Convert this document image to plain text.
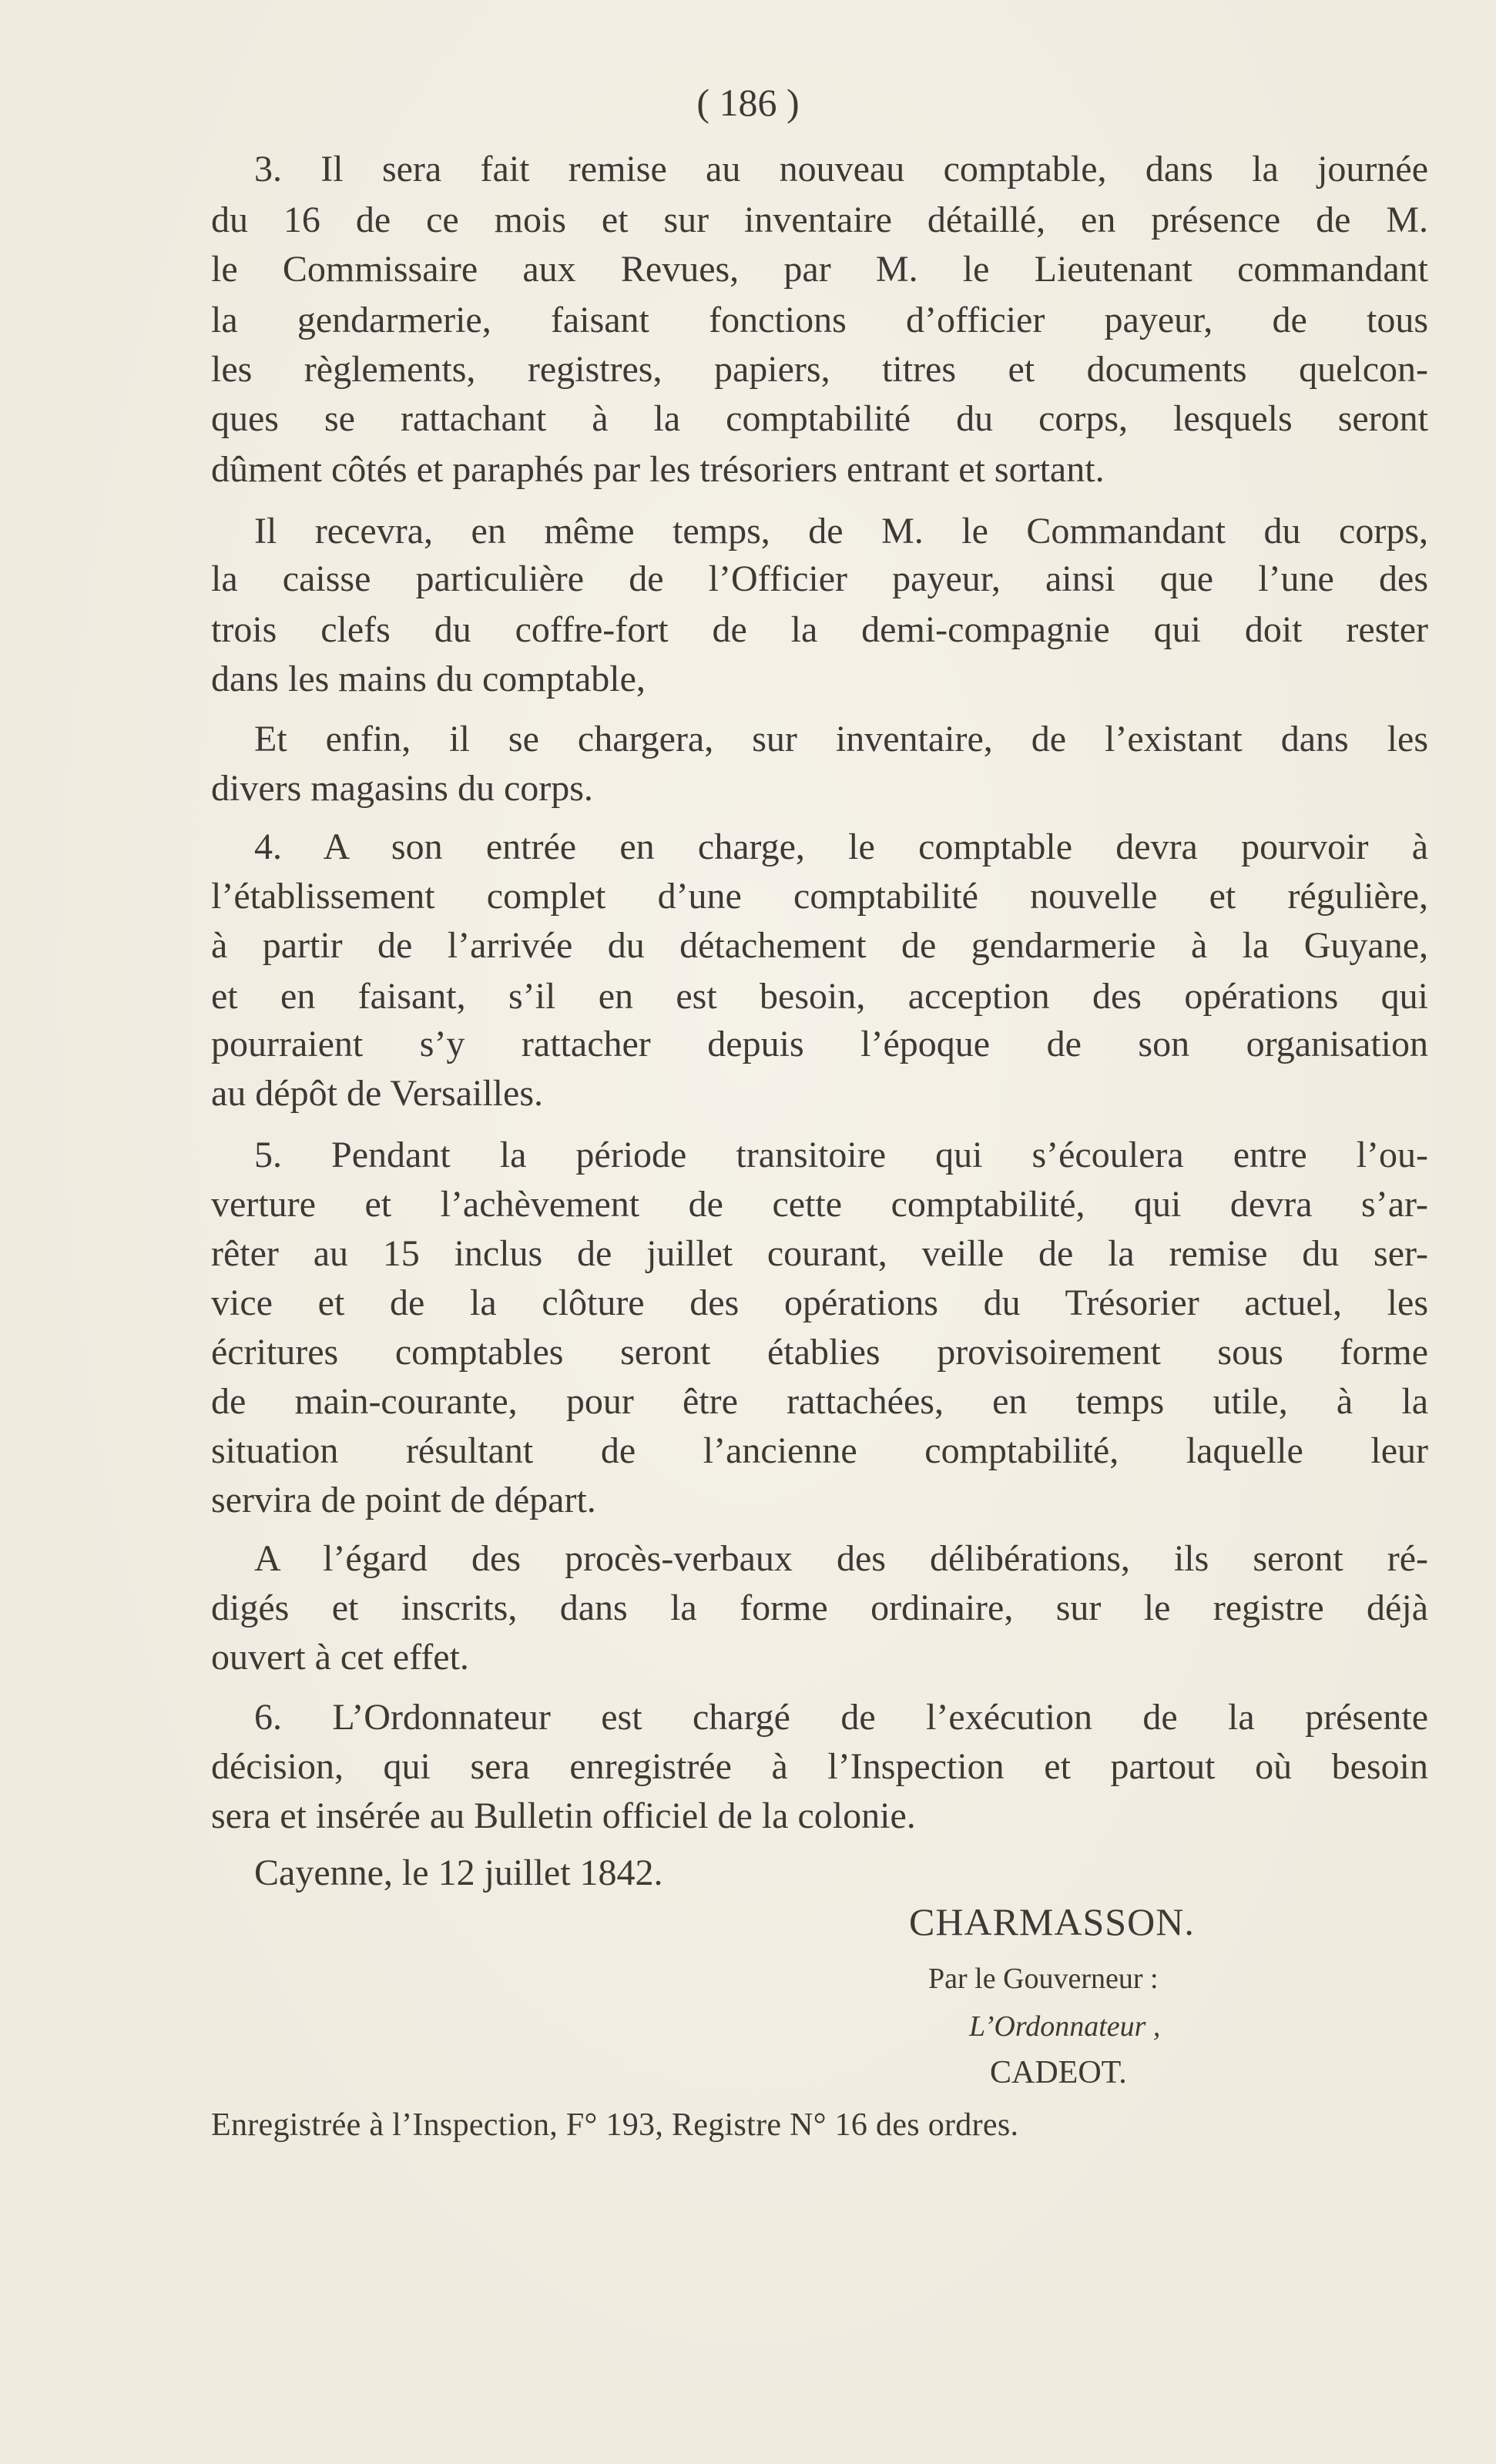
( 186 )
3. Il sera fait remise au nouveau comptable, dans la journée
du 16 de ce mois et sur inventaire détaillé, en présence de M.
le Commissaire aux Revues, par M. le Lieutenant commandant
la gendarmerie, faisant fonctions d’officier payeur, de tous
les règlements, registres, papiers, titres et documents quelcon-
ques se rattachant à la comptabilité du corps, lesquels seront
dûment côtés et paraphés par les trésoriers entrant et sortant.
Il recevra, en même temps, de M. le Commandant du corps,
la caisse particulière de l’Officier payeur, ainsi que l’une des
trois clefs du coffre-fort de la demi-compagnie qui doit rester
dans les mains du comptable,
Et enfin, il se chargera, sur inventaire, de l’existant dans les
divers magasins du corps.
4. A son entrée en charge, le comptable devra pourvoir à
l’établissement complet d’une comptabilité nouvelle et régulière,
à partir de l’arrivée du détachement de gendarmerie à la Guyane,
et en faisant, s’il en est besoin, acception des opérations qui
pourraient s’y rattacher depuis l’époque de son organisation
au dépôt de Versailles.
5. Pendant la période transitoire qui s’écoulera entre l’ou-
verture et l’achèvement de cette comptabilité, qui devra s’ar-
rêter au 15 inclus de juillet courant, veille de la remise du ser-
vice et de la clôture des opérations du Trésorier actuel, les
écritures comptables seront établies provisoirement sous forme
de main-courante, pour être rattachées, en temps utile, à la
situation résultant de l’ancienne comptabilité, laquelle leur
servira de point de départ.
A l’égard des procès-verbaux des délibérations, ils seront ré-
digés et inscrits, dans la forme ordinaire, sur le registre déjà
ouvert à cet effet.
6. L’Ordonnateur est chargé de l’exécution de la présente
décision, qui sera enregistrée à l’Inspection et partout où besoin
sera et insérée au Bulletin officiel de la colonie.
Cayenne, le 12 juillet 1842.
CHARMASSON.
Par le Gouverneur :
L’Ordonnateur ,
CADEOT.
Enregistrée à l’Inspection, F° 193, Registre N° 16 des ordres.
